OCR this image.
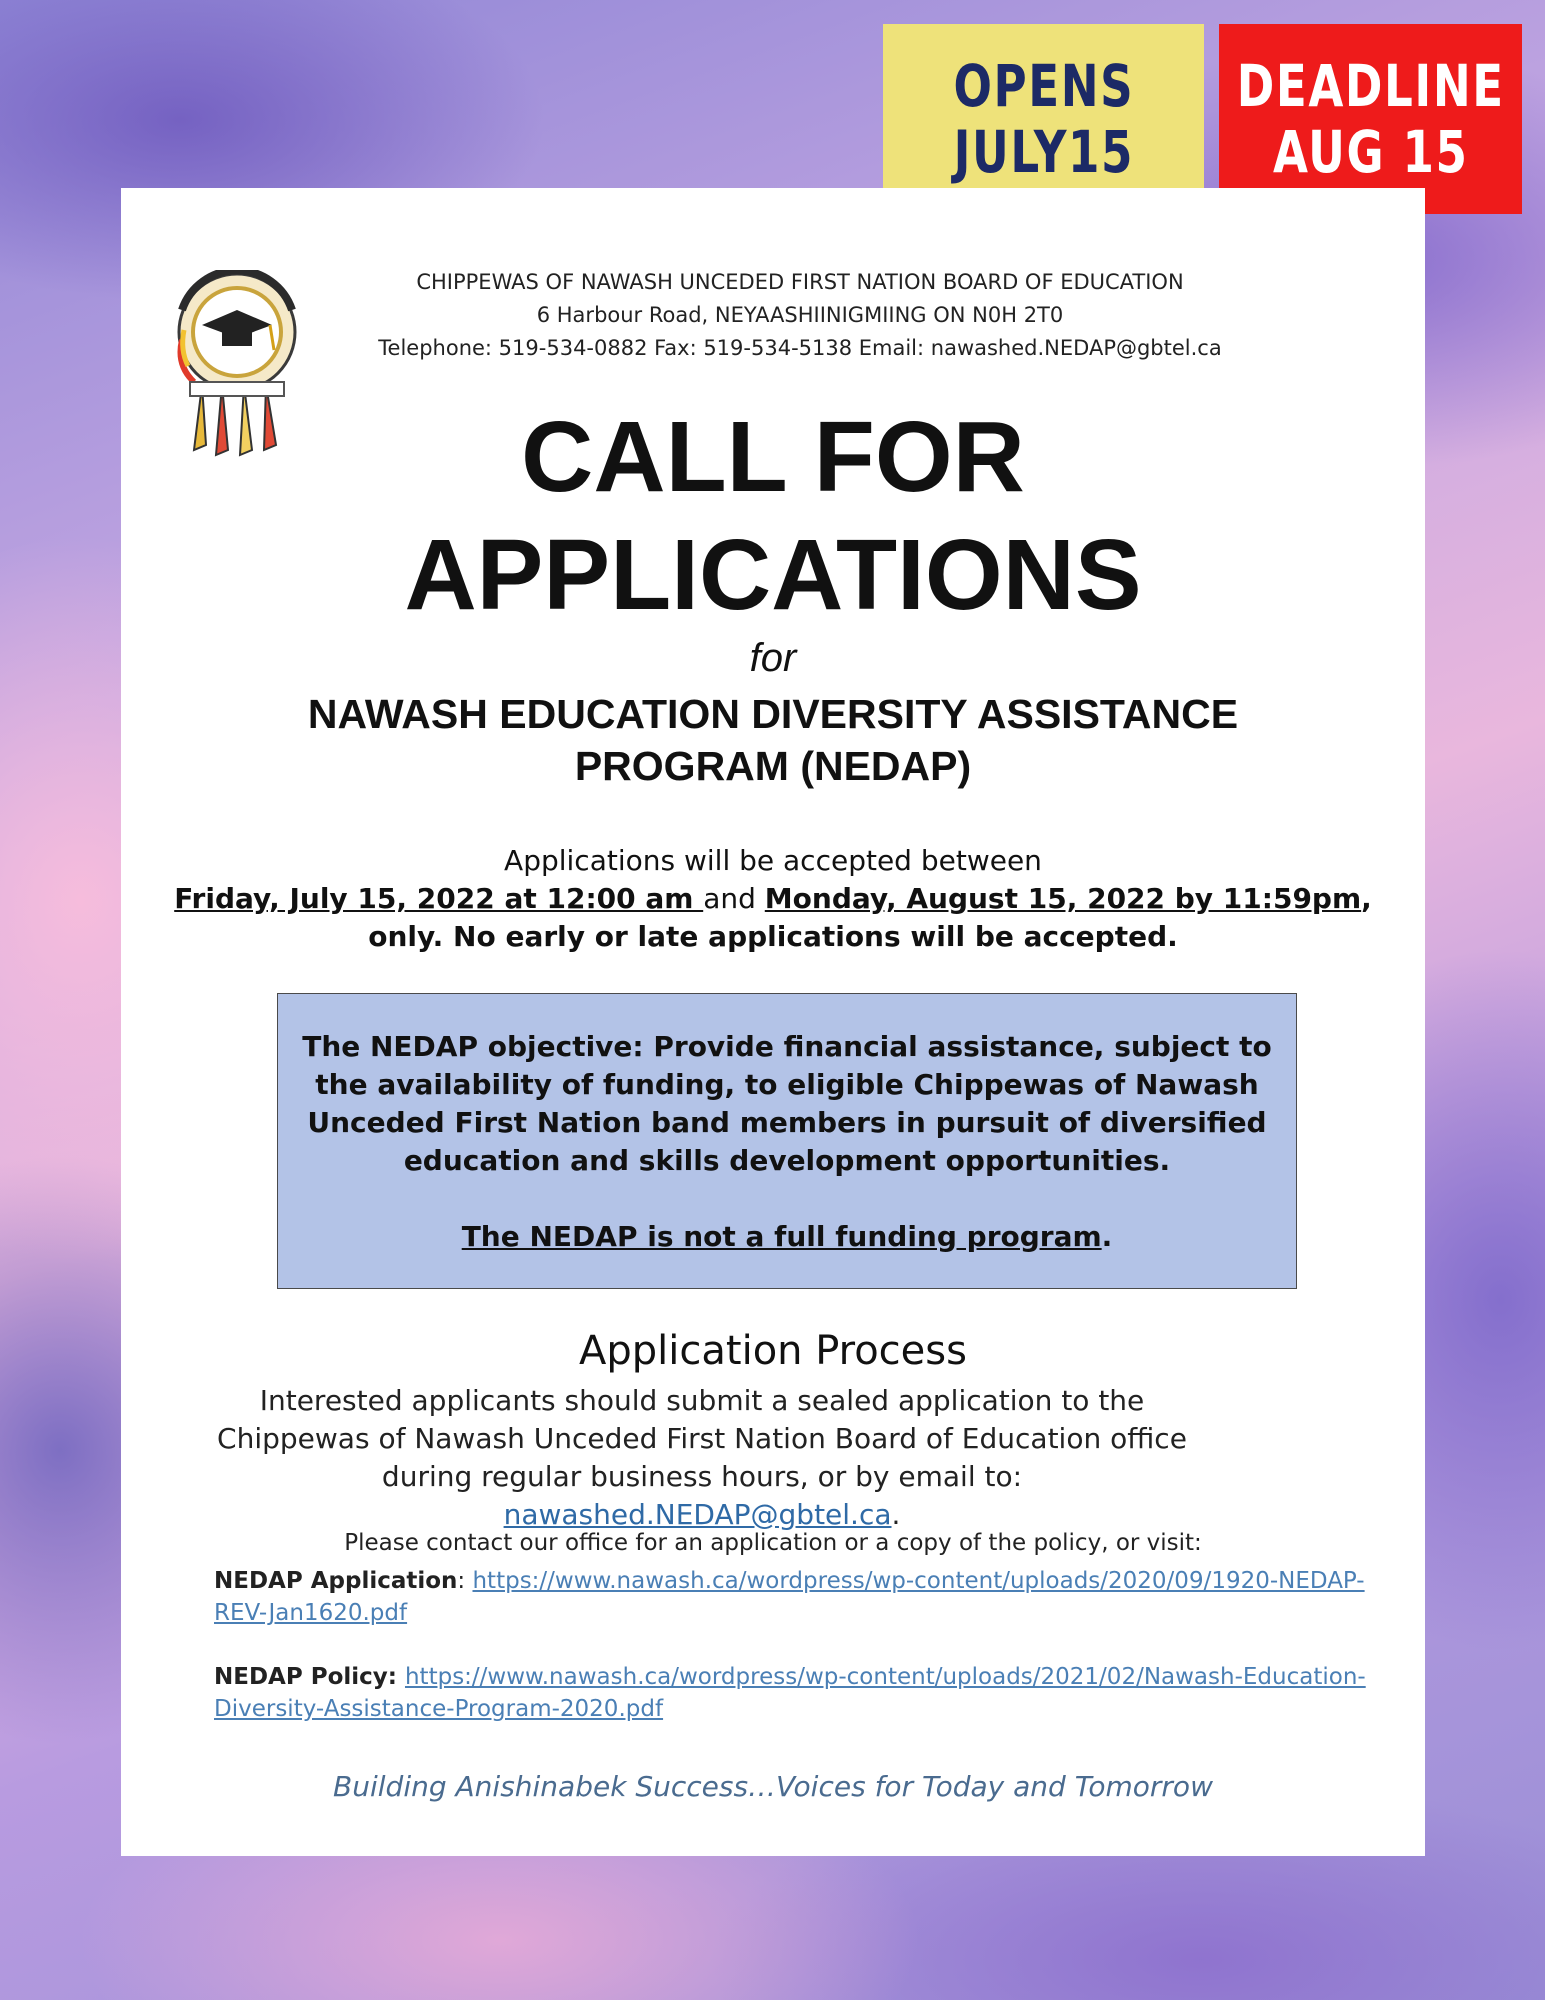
OPENS
JULY15
DEADLINE
AUG 15
CHIPPEWAS OF NAWASH UNCEDED FIRST NATION BOARD OF EDUCATION
6 Harbour Road, NEYAASHIINIGMIING ON N0H 2T0
Telephone: 519-534-0882 Fax: 519-534-5138 Email: nawashed.NEDAP@gbtel.ca
CALL FOR
APPLICATIONS
for
NAWASH EDUCATION DIVERSITY ASSISTANCE
PROGRAM (NEDAP)
Applications will be accepted between
Friday, July 15, 2022 at 12:00 am and Monday, August 15, 2022 by 11:59pm,
only. No early or late applications will be accepted.
The NEDAP objective: Provide financial assistance, subject to the availability of funding, to eligible Chippewas of Nawash Unceded First Nation band members in pursuit of diversified education and skills development opportunities.
The NEDAP is not a full funding program.
Application Process
Interested applicants should submit a sealed application to the Chippewas of Nawash Unceded First Nation Board of Education office during regular business hours, or by email to: nawashed.NEDAP@gbtel.ca.
Please contact our office for an application or a copy of the policy, or visit:
NEDAP Application: https://www.nawash.ca/wordpress/wp-content/uploads/2020/09/1920-NEDAP-REV-Jan1620.pdf
NEDAP Policy: https://www.nawash.ca/wordpress/wp-content/uploads/2021/02/Nawash-Education-Diversity-Assistance-Program-2020.pdf
Building Anishinabek Success…Voices for Today and Tomorrow
